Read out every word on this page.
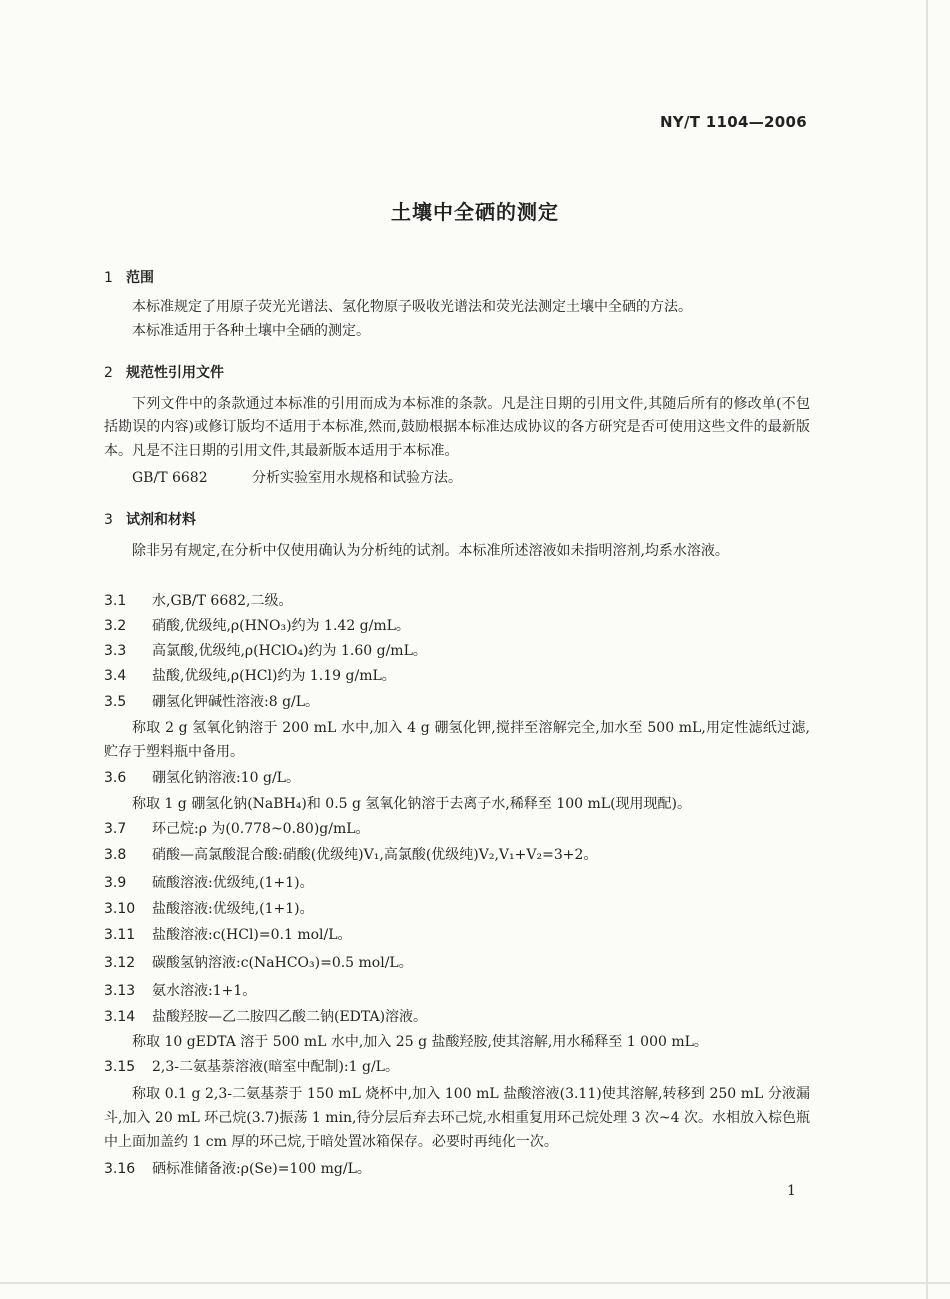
NY/T 1104—2006
土壤中全硒的测定
1 范围
本标准规定了用原子荧光光谱法、氢化物原子吸收光谱法和荧光法测定土壤中全硒的方法。
本标准适用于各种土壤中全硒的测定。
2 规范性引用文件
下列文件中的条款通过本标准的引用而成为本标准的条款。凡是注日期的引用文件,其随后所有的修改单(不包括勘误的内容)或修订版均不适用于本标准,然而,鼓励根据本标准达成协议的各方研究是否可使用这些文件的最新版本。凡是不注日期的引用文件,其最新版本适用于本标准。
GB/T 6682	分析实验室用水规格和试验方法。
3 试剂和材料
除非另有规定,在分析中仅使用确认为分析纯的试剂。本标准所述溶液如未指明溶剂,均系水溶液。
3.1 水,GB/T 6682,二级。
3.2 硝酸,优级纯,ρ(HNO₃)约为 1.42 g/mL。
3.3 高氯酸,优级纯,ρ(HClO₄)约为 1.60 g/mL。
3.4 盐酸,优级纯,ρ(HCl)约为 1.19 g/mL。
3.5 硼氢化钾碱性溶液:8 g/L。
称取 2 g 氢氧化钠溶于 200 mL 水中,加入 4 g 硼氢化钾,搅拌至溶解完全,加水至 500 mL,用定性滤纸过滤,贮存于塑料瓶中备用。
3.6 硼氢化钠溶液:10 g/L。
称取 1 g 硼氢化钠(NaBH₄)和 0.5 g 氢氧化钠溶于去离子水,稀释至 100 mL(现用现配)。
3.7 环己烷:ρ 为(0.778~0.80)g/mL。
3.8 硝酸—高氯酸混合酸:硝酸(优级纯)V₁,高氯酸(优级纯)V₂,V₁+V₂=3+2。
3.9 硫酸溶液:优级纯,(1+1)。
3.10 盐酸溶液:优级纯,(1+1)。
3.11 盐酸溶液:c(HCl)=0.1 mol/L。
3.12 碳酸氢钠溶液:c(NaHCO₃)=0.5 mol/L。
3.13 氨水溶液:1+1。
3.14 盐酸羟胺—乙二胺四乙酸二钠(EDTA)溶液。
称取 10 gEDTA 溶于 500 mL 水中,加入 25 g 盐酸羟胺,使其溶解,用水稀释至 1 000 mL。
3.15 2,3-二氨基萘溶液(暗室中配制):1 g/L。
称取 0.1 g 2,3-二氨基萘于 150 mL 烧杯中,加入 100 mL 盐酸溶液(3.11)使其溶解,转移到 250 mL 分液漏斗,加入 20 mL 环己烷(3.7)振荡 1 min,待分层后弃去环己烷,水相重复用环己烷处理 3 次~4 次。水相放入棕色瓶中上面加盖约 1 cm 厚的环己烷,于暗处置冰箱保存。必要时再纯化一次。
3.16 硒标准储备液:ρ(Se)=100 mg/L。
1
